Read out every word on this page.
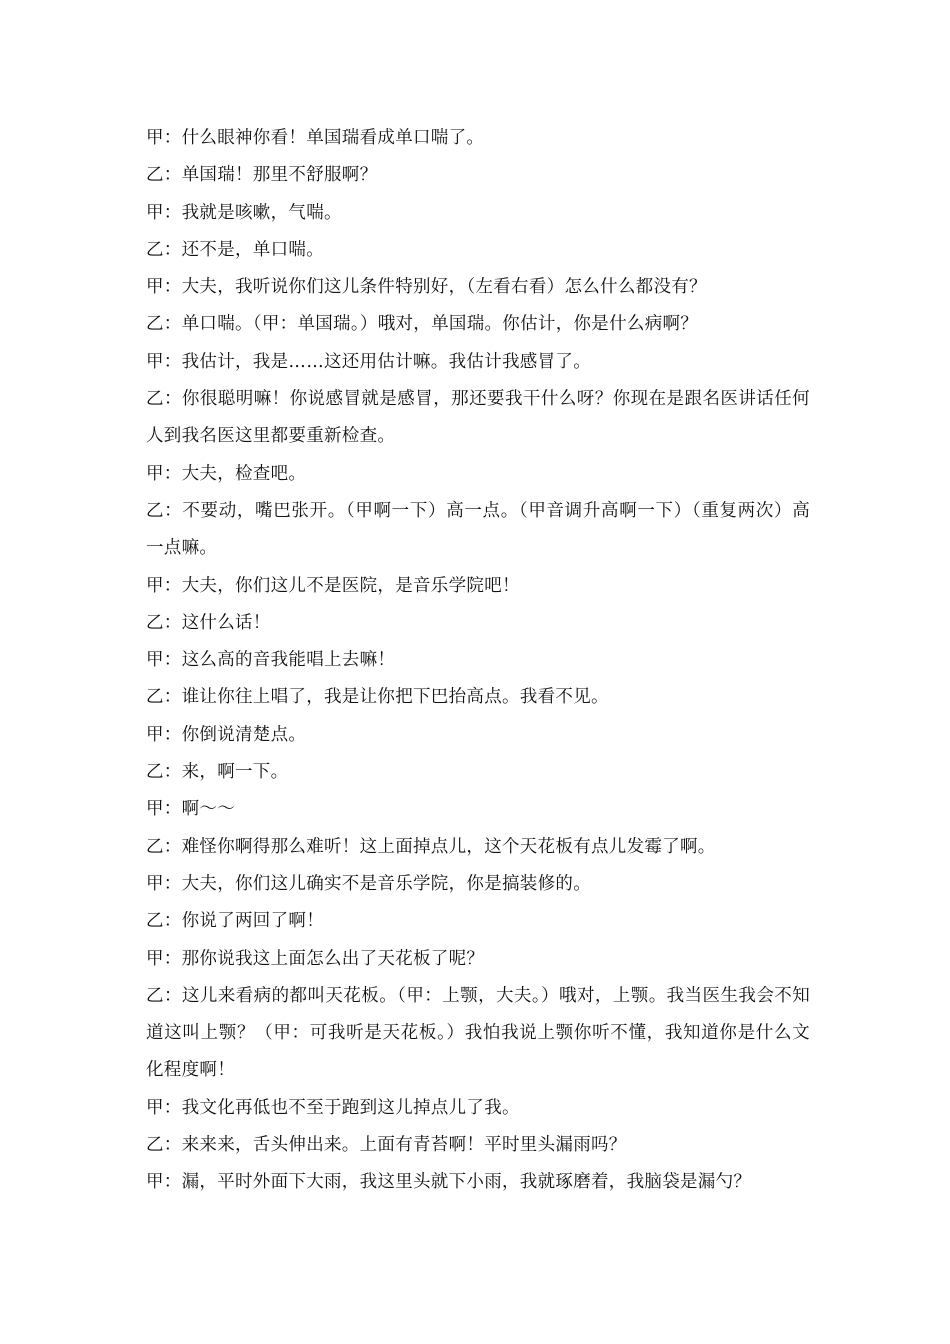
甲：什么眼神你看！单国瑞看成单口喘了。
乙：单国瑞！那里不舒服啊？
甲：我就是咳嗽，气喘。
乙：还不是，单口喘。
甲：大夫，我听说你们这儿条件特别好，（左看右看）怎么什么都没有？
乙：单口喘。（甲：单国瑞。）哦对，单国瑞。你估计，你是什么病啊？
甲：我估计，我是……这还用估计嘛。我估计我感冒了。
乙：你很聪明嘛！你说感冒就是感冒，那还要我干什么呀？你现在是跟名医讲话任何人到我名医这里都要重新检查。
甲：大夫，检查吧。
乙：不要动，嘴巴张开。（甲啊一下）高一点。（甲音调升高啊一下）（重复两次）高一点嘛。
甲：大夫，你们这儿不是医院，是音乐学院吧！
乙：这什么话！
甲：这么高的音我能唱上去嘛！
乙：谁让你往上唱了，我是让你把下巴抬高点。我看不见。
甲：你倒说清楚点。
乙：来，啊一下。
甲：啊～～
乙：难怪你啊得那么难听！这上面掉点儿，这个天花板有点儿发霉了啊。
甲：大夫，你们这儿确实不是音乐学院，你是搞装修的。
乙：你说了两回了啊！
甲：那你说我这上面怎么出了天花板了呢？
乙：这儿来看病的都叫天花板。（甲：上颚，大夫。）哦对，上颚。我当医生我会不知道这叫上颚？（甲：可我听是天花板。）我怕我说上颚你听不懂，我知道你是什么文化程度啊！
甲：我文化再低也不至于跑到这儿掉点儿了我。
乙：来来来，舌头伸出来。上面有青苔啊！平时里头漏雨吗？
甲：漏，平时外面下大雨，我这里头就下小雨，我就琢磨着，我脑袋是漏勺？
